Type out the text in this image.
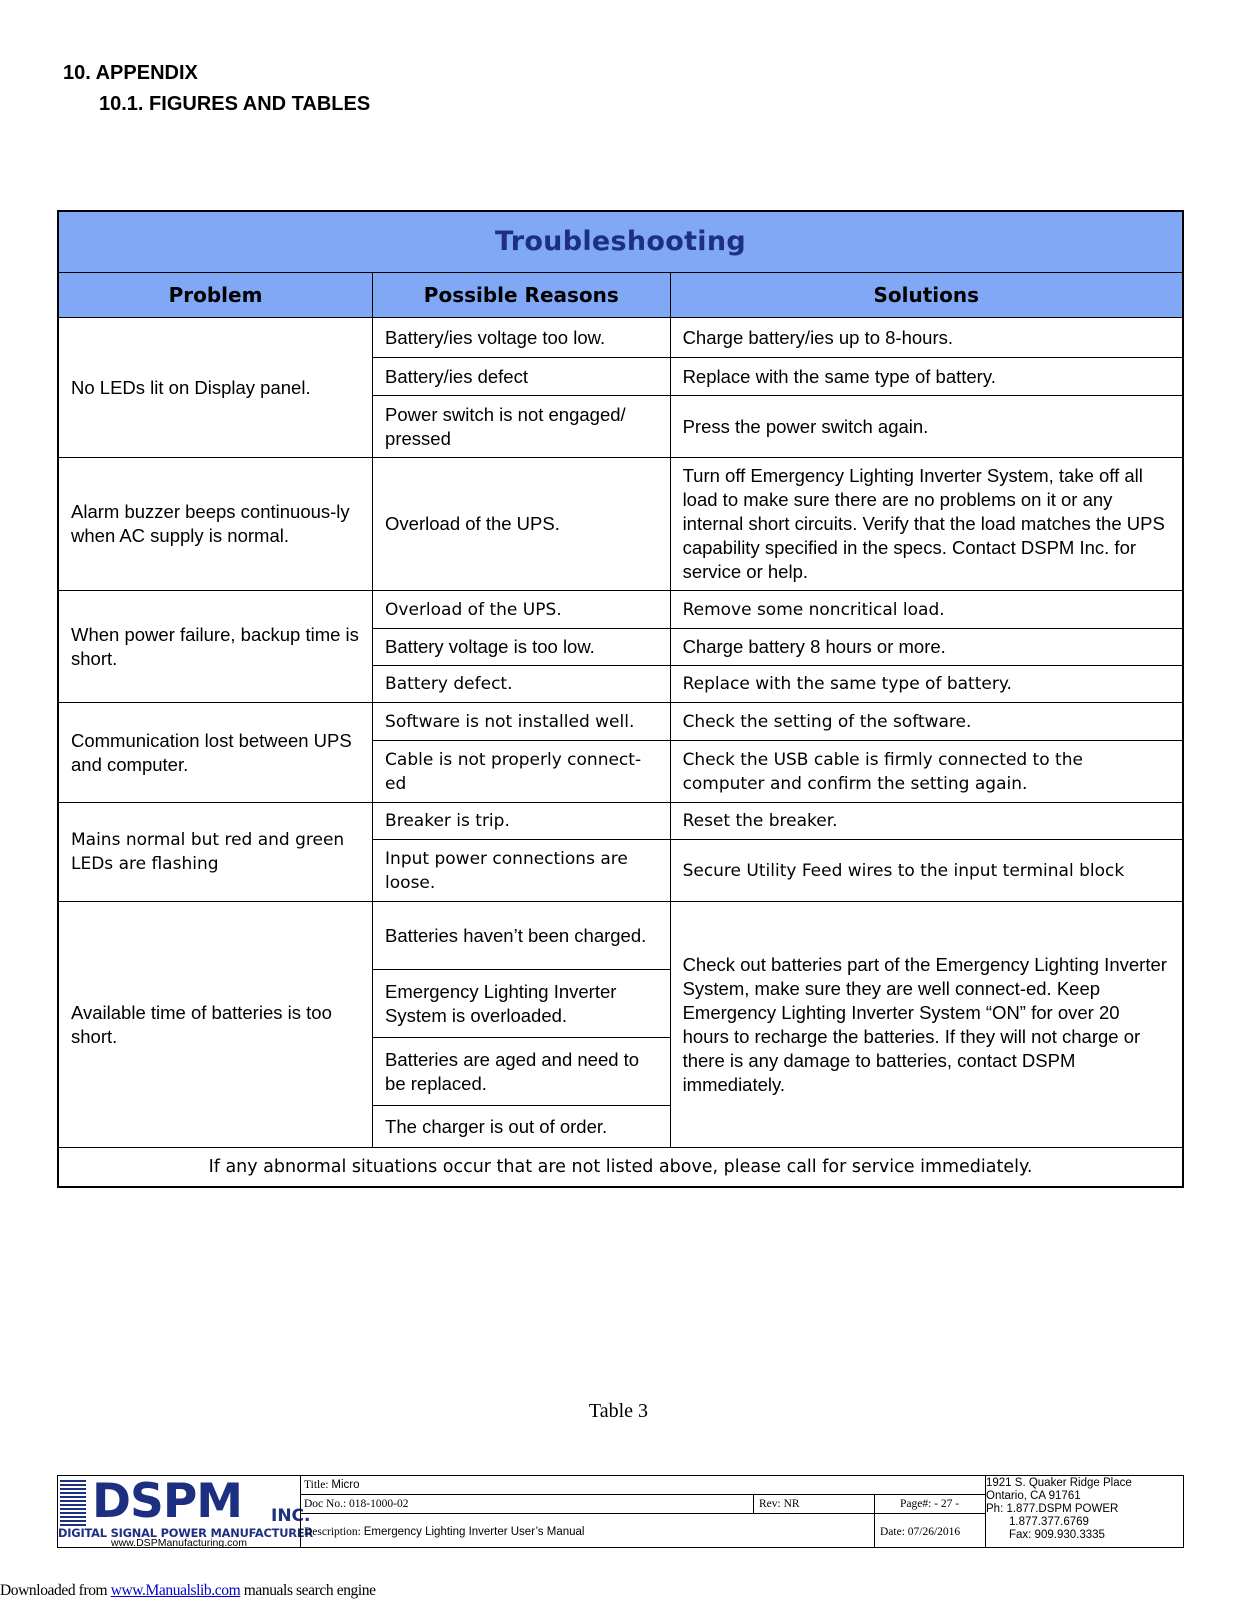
10. APPENDIX
10.1. FIGURES AND TABLES
Troubleshooting		
Problem	Possible Reasons	Solutions
No LEDs lit on Display panel.	Battery/ies voltage too low.	Charge battery/ies up to 8-hours.
	Battery/ies defect	Replace with the same type of battery.
	Power switch is not engaged/ pressed	Press the power switch again.
Alarm buzzer beeps continuous-ly when AC supply is normal.	Overload of the UPS.	Turn off Emergency Lighting Inverter System, take off all load to make sure there are no problems on it or any internal short circuits. Verify that the load matches the UPS capability specified in the specs. Contact DSPM Inc. for service or help.
When power failure, backup time is short.	Overload of the UPS.	Remove some noncritical load.
	Battery voltage is too low.	Charge battery 8 hours or more.
	Battery defect.	Replace with the same type of battery.
Communication lost between UPS and computer.	Software is not installed well.	Check the setting of the software.
	Cable is not properly connect-ed	Check the USB cable is firmly connected to the computer and confirm the setting again.
Mains normal but red and green LEDs are flashing	Breaker is trip.	Reset the breaker.
	Input power connections are loose.	Secure Utility Feed wires to the input terminal block
Available time of batteries is too short.	Batteries haven’t been charged.	Check out batteries part of the Emergency Lighting Inverter System, make sure they are well connect-ed. Keep Emergency Lighting Inverter System “ON” for over 20 hours to recharge the batteries. If they will not charge or there is any damage to batteries, contact DSPM immediately.
	Emergency Lighting Inverter System is overloaded.	
	Batteries are aged and need to be replaced.	
	The charger is out of order.	
If any abnormal situations occur that are not listed above, please call for service immediately.		
Table 3
DSPM INC.
DIGITAL SIGNAL POWER MANUFACTURER
www.DSPManufacturing.com
Title: Micro
Doc No.: 018-1000-02	Rev: NR	Page#: - 27 -
Description: Emergency Lighting Inverter User’s Manual	Date: 07/26/2016
1921 S. Quaker Ridge Place
Ontario, CA 91761
Ph: 1.877.DSPM POWER
1.877.377.6769
Fax: 909.930.3335
Downloaded from www.Manualslib.com manuals search engine
